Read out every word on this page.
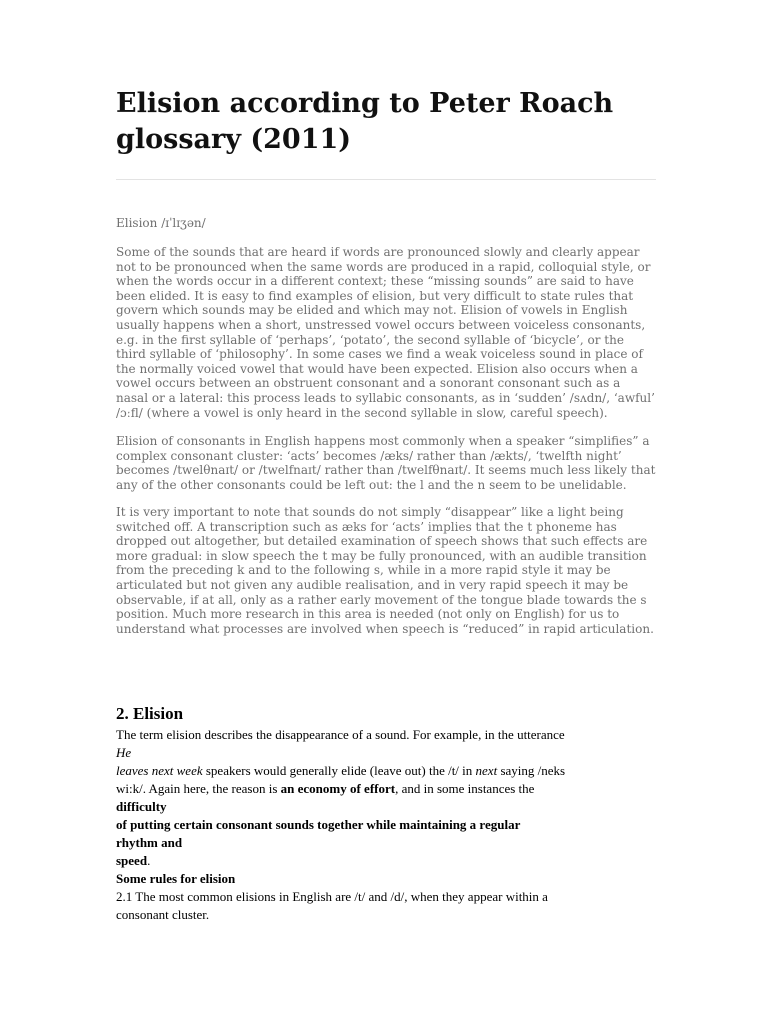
Elision according to Peter Roach glossary (2011)

Elision /ɪˈlɪʒən/

Some of the sounds that are heard if words are pronounced slowly and clearly appear not to be pronounced when the same words are produced in a rapid, colloquial style, or when the words occur in a different context; these “missing sounds” are said to have been elided. It is easy to find examples of elision, but very difficult to state rules that govern which sounds may be elided and which may not. Elision of vowels in English usually happens when a short, unstressed vowel occurs between voiceless consonants, e.g. in the first syllable of ‘perhaps’, ‘potato’, the second syllable of ‘bicycle’, or the third syllable of ‘philosophy’. In some cases we find a weak voiceless sound in place of the normally voiced vowel that would have been expected. Elision also occurs when a vowel occurs between an obstruent consonant and a sonorant consonant such as a nasal or a lateral: this process leads to syllabic consonants, as in ‘sudden’ /sʌdn/, ‘awful’ /ɔːfl/ (where a vowel is only heard in the second syllable in slow, careful speech).

Elision of consonants in English happens most commonly when a speaker “simplifies” a complex consonant cluster: ‘acts’ becomes /æks/ rather than /ækts/, ‘twelfth night’ becomes /twelθnaɪt/ or /twelfnaɪt/ rather than /twelfθnaɪt/. It seems much less likely that any of the other consonants could be left out: the l and the n seem to be unelidable.

It is very important to note that sounds do not simply “disappear” like a light being switched off. A transcription such as æks for ‘acts’ implies that the t phoneme has dropped out altogether, but detailed examination of speech shows that such effects are more gradual: in slow speech the t may be fully pronounced, with an audible transition from the preceding k and to the following s, while in a more rapid style it may be articulated but not given any audible realisation, and in very rapid speech it may be observable, if at all, only as a rather early movement of the tongue blade towards the s position. Much more research in this area is needed (not only on English) for us to understand what processes are involved when speech is “reduced” in rapid articulation.

2. Elision
The term elision describes the disappearance of a sound. For example, in the utterance
He
leaves next week speakers would generally elide (leave out) the /t/ in next saying /neks
wi:k/. Again here, the reason is an economy of effort, and in some instances the
difficulty
of putting certain consonant sounds together while maintaining a regular
rhythm and
speed.
Some rules for elision
2.1 The most common elisions in English are /t/ and /d/, when they appear within a
consonant cluster.
